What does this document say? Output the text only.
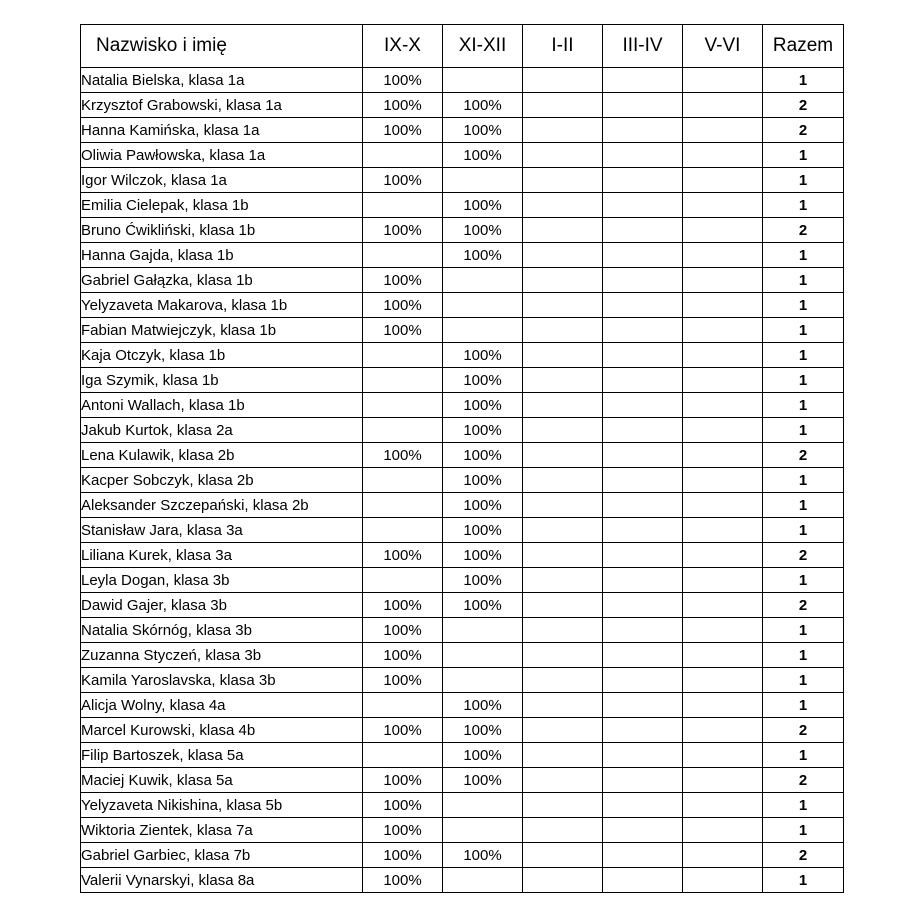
Nazwisko i imię	IX-X	XI-XII	I-II	III-IV	V-VI	Razem
Natalia Bielska, klasa 1a	100%					1
Krzysztof Grabowski, klasa 1a	100%	100%				2
Hanna Kamińska, klasa 1a	100%	100%				2
Oliwia Pawłowska, klasa 1a		100%				1
Igor Wilczok, klasa 1a	100%					1
Emilia Cielepak, klasa 1b		100%				1
Bruno Ćwikliński, klasa 1b	100%	100%				2
Hanna Gajda, klasa 1b		100%				1
Gabriel Gałązka, klasa 1b	100%					1
Yelyzaveta Makarova, klasa 1b	100%					1
Fabian Matwiejczyk, klasa 1b	100%					1
Kaja Otczyk, klasa 1b		100%				1
Iga Szymik, klasa 1b		100%				1
Antoni Wallach, klasa 1b		100%				1
Jakub Kurtok, klasa 2a		100%				1
Lena Kulawik, klasa 2b	100%	100%				2
Kacper Sobczyk, klasa 2b		100%				1
Aleksander Szczepański, klasa 2b		100%				1
Stanisław Jara, klasa 3a		100%				1
Liliana Kurek, klasa 3a	100%	100%				2
Leyla Dogan, klasa 3b		100%				1
Dawid Gajer, klasa 3b	100%	100%				2
Natalia Skórnóg, klasa 3b	100%					1
Zuzanna Styczeń, klasa 3b	100%					1
Kamila Yaroslavska, klasa 3b	100%					1
Alicja Wolny, klasa 4a		100%				1
Marcel Kurowski, klasa 4b	100%	100%				2
Filip Bartoszek, klasa 5a		100%				1
Maciej Kuwik, klasa 5a	100%	100%				2
Yelyzaveta Nikishina, klasa 5b	100%					1
Wiktoria Zientek, klasa 7a	100%					1
Gabriel Garbiec, klasa 7b	100%	100%				2
Valerii Vynarskyi, klasa 8a	100%					1
